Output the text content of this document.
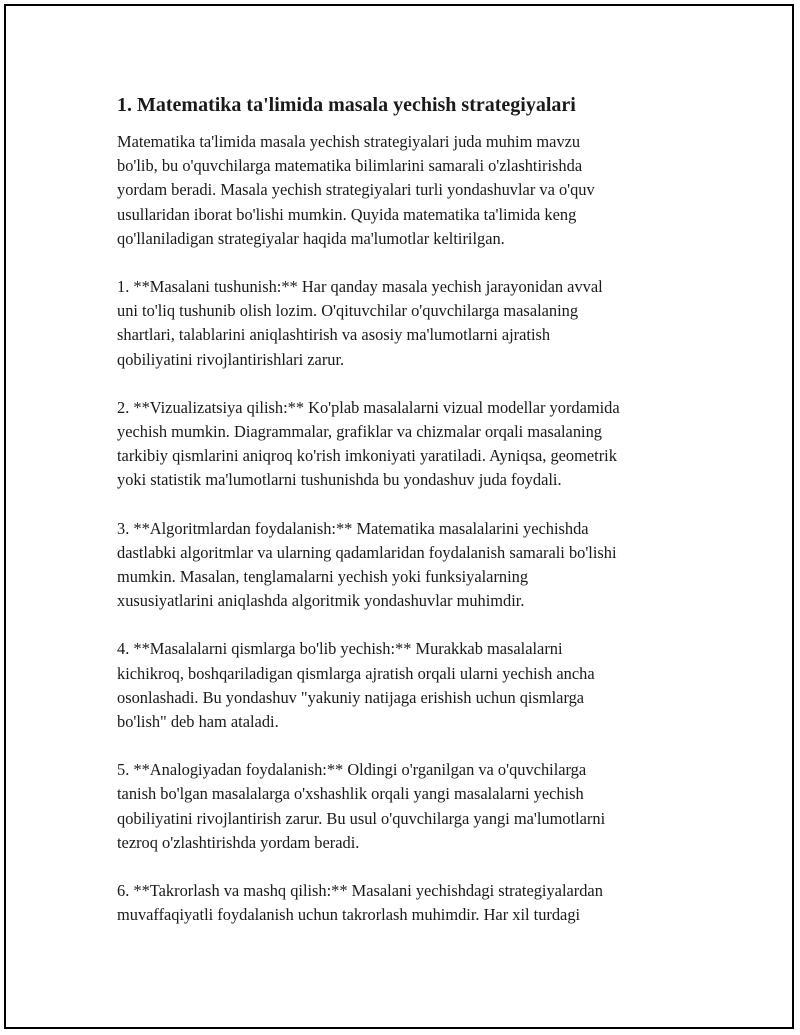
1. Matematika ta'limida masala yechish strategiyalari

Matematika ta'limida masala yechish strategiyalari juda muhim mavzu
bo'lib, bu o'quvchilarga matematika bilimlarini samarali o'zlashtirishda
yordam beradi. Masala yechish strategiyalari turli yondashuvlar va o'quv
usullaridan iborat bo'lishi mumkin. Quyida matematika ta'limida keng
qo'llaniladigan strategiyalar haqida ma'lumotlar keltirilgan.

1. **Masalani tushunish:** Har qanday masala yechish jarayonidan avval
uni to'liq tushunib olish lozim. O'qituvchilar o'quvchilarga masalaning
shartlari, talablarini aniqlashtirish va asosiy ma'lumotlarni ajratish
qobiliyatini rivojlantirishlari zarur.

2. **Vizualizatsiya qilish:** Ko'plab masalalarni vizual modellar yordamida
yechish mumkin. Diagrammalar, grafiklar va chizmalar orqali masalaning
tarkibiy qismlarini aniqroq ko'rish imkoniyati yaratiladi. Ayniqsa, geometrik
yoki statistik ma'lumotlarni tushunishda bu yondashuv juda foydali.

3. **Algoritmlardan foydalanish:** Matematika masalalarini yechishda
dastlabki algoritmlar va ularning qadamlaridan foydalanish samarali bo'lishi
mumkin. Masalan, tenglamalarni yechish yoki funksiyalarning
xususiyatlarini aniqlashda algoritmik yondashuvlar muhimdir.

4. **Masalalarni qismlarga bo'lib yechish:** Murakkab masalalarni
kichikroq, boshqariladigan qismlarga ajratish orqali ularni yechish ancha
osonlashadi. Bu yondashuv "yakuniy natijaga erishish uchun qismlarga
bo'lish" deb ham ataladi.

5. **Analogiyadan foydalanish:** Oldingi o'rganilgan va o'quvchilarga
tanish bo'lgan masalalarga o'xshashlik orqali yangi masalalarni yechish
qobiliyatini rivojlantirish zarur. Bu usul o'quvchilarga yangi ma'lumotlarni
tezroq o'zlashtirishda yordam beradi.

6. **Takrorlash va mashq qilish:** Masalani yechishdagi strategiyalardan
muvaffaqiyatli foydalanish uchun takrorlash muhimdir. Har xil turdagi
